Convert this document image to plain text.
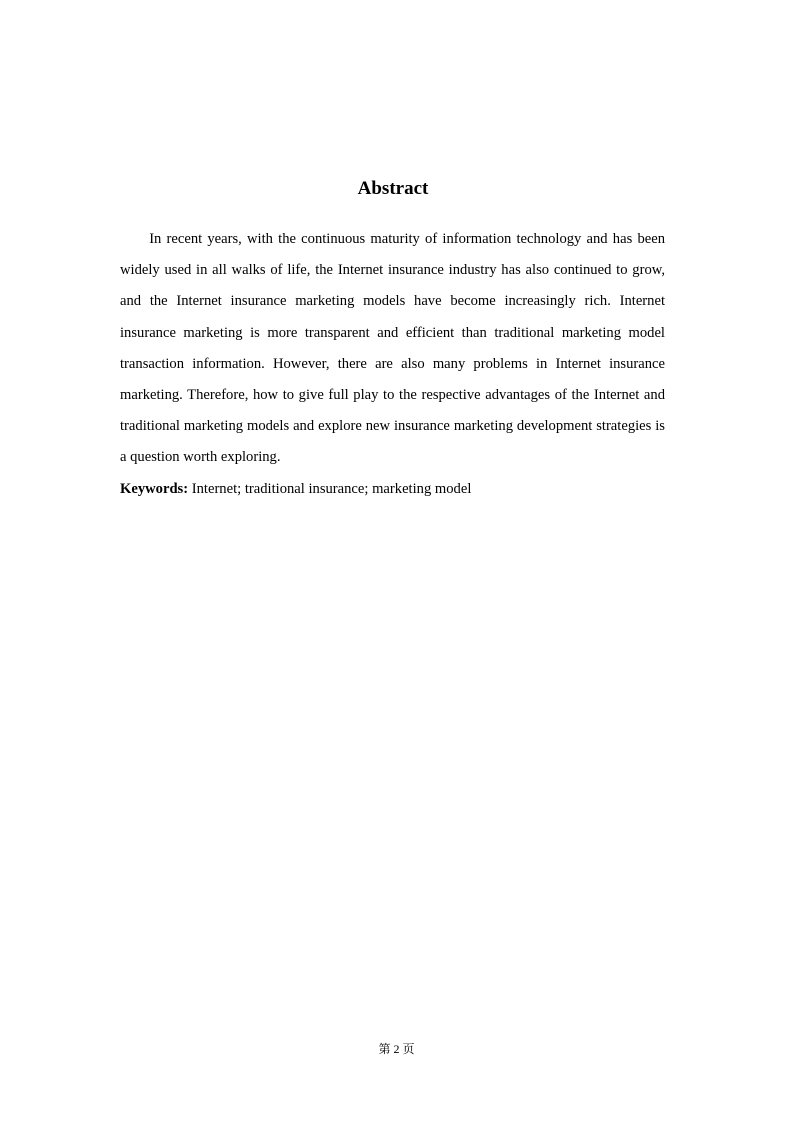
Abstract

In recent years, with the continuous maturity of information technology and has been widely used in all walks of life, the Internet insurance industry has also continued to grow, and the Internet insurance marketing models have become increasingly rich. Internet insurance marketing is more transparent and efficient than traditional marketing model transaction information. However, there are also many problems in Internet insurance marketing. Therefore, how to give full play to the respective advantages of the Internet and traditional marketing models and explore new insurance marketing development strategies is a question worth exploring.

Keywords: Internet; traditional insurance; marketing model

第 2 页
